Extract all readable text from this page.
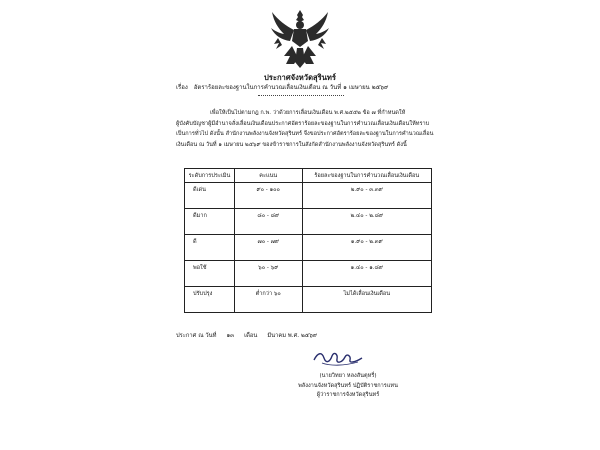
ประกาศจังหวัดสุรินทร์
เรื่อง อัตราร้อยละของฐานในการคำนวณเลื่อนเงินเดือน ณ วันที่ ๑ เมษายน ๒๕๖๙
เพื่อให้เป็นไปตามกฎ ก.พ. ว่าด้วยการเลื่อนเงินเดือน พ.ศ.๒๕๕๒ ข้อ ๗ ที่กำหนดให้
ผู้บังคับบัญชาผู้มีอำนาจสั่งเลื่อนเงินเดือนประกาศอัตราร้อยละของฐานในการคำนวณเลื่อนเงินเดือนให้ทราบ
เป็นการทั่วไป ดังนั้น สำนักงานพลังงานจังหวัดสุรินทร์ จึงขอประกาศอัตราร้อยละของฐานในการคำนวณเลื่อน
เงินเดือน ณ วันที่ ๑ เมษายน ๒๕๖๙ ของข้าราชการในสังกัดสำนักงานพลังงานจังหวัดสุรินทร์ ดังนี้
ระดับการประเมิน	คะแนน	ร้อยละของฐานในการคำนวณเลื่อนเงินเดือน
ดีเด่น	๙๐ - ๑๐๐	๒.๙๐ - ๓.๓๙
ดีมาก	๘๐ - ๘๙	๒.๔๐ - ๒.๘๙
ดี	๗๐ - ๗๙	๑.๙๐ - ๒.๓๙
พอใช้	๖๐ - ๖๙	๑.๔๐ - ๑.๘๙
ปรับปรุง	ต่ำกว่า ๖๐	ไม่ได้เลื่อนเงินเดือน
ประกาศ ณ วันที่ ๑๓ เดือน มีนาคม พ.ศ. ๒๕๖๙
(นายวิทยา หลงสันตุหรี่)
พลังงานจังหวัดสุรินทร์ ปฏิบัติราชการแทน
ผู้ว่าราชการจังหวัดสุรินทร์
